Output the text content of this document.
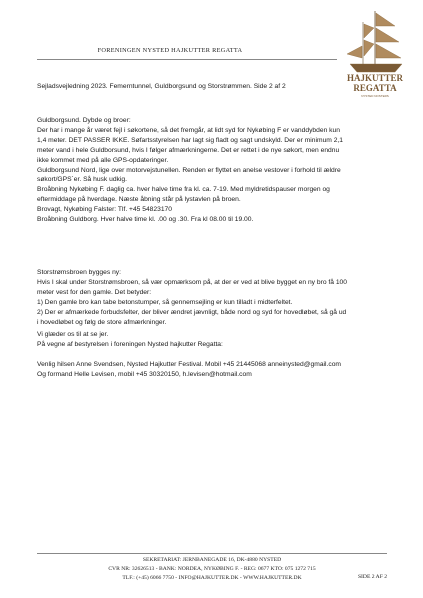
FORENINGEN NYSTED HAJKUTTER REGATTA
HAJKUTTER
REGATTA
NYSTED NOSTERS
Sejladsvejledning 2023. Femerntunnel, Guldborgsund og Storstrømmen. Side 2 af 2
Guldborgsund. Dybde og broer:
Der har i mange år været fejl i søkortene, så det fremgår, at lidt syd for Nykøbing F er vanddybden kun
1,4 meter. DET PASSER IKKE. Søfartsstyrelsen har lagt sig fladt og sagt undskyld. Der er minimum 2,1
meter vand i hele Guldborsund, hvis I følger afmærkningerne. Det er rettet i de nye søkort, men endnu
ikke kommet med på alle GPS-opdateringer.
Guldborgsund Nord, lige over motorvejstunellen. Renden er flyttet en anelse vestover i forhold til ældre
søkort/GPS´er. Så husk udkig.
Broåbning Nykøbing F. daglig ca. hver halve time fra kl. ca. 7-19. Med myldretidspauser morgen og
eftermiddage på hverdage. Næste åbning står på lystavlen på broen.
Brovagt, Nykøbing Falster: Tlf. +45 54823170
Broåbning Guldborg. Hver halve time kl. .00 og .30. Fra kl 08.00 til 19.00.
Storstrømsbroen bygges ny:
Hvis I skal under Storstrømsbroen, så vær opmærksom på, at der er ved at blive bygget en ny bro få 100
meter vest for den gamle. Det betyder:
1) Den gamle bro kan tabe betonstumper, så gennemsejling er kun tilladt i midterfeltet.
2) Der er afmærkede forbudsfelter, der bliver ændret jævnligt, både nord og syd for hovedløbet, så gå ud
i hovedløbet og følg de store afmærkninger.
Vi glæder os til at se jer.
På vegne af bestyrelsen i foreningen Nysted hajkutter Regatta:
Venlig hilsen Anne Svendsen, Nysted Hajkutter Festival. Mobil +45 21445068 anneinysted@gmail.com
Og formand Helle Levisen, mobil +45 30320150, h.levisen@hotmail.com
SEKRETARIAT: JERNBANEGADE 16, DK-4880 NYSTED
CVR NR: 32626513 - BANK: NORDEA, NYKØBING F. - REG: 0677 KTO: 075 1272 715
TLF.: (+45) 6066 7750 - INFO@HAJKUTTER.DK - WWW.HAJKUTTER.DK	SIDE 2 AF 2
